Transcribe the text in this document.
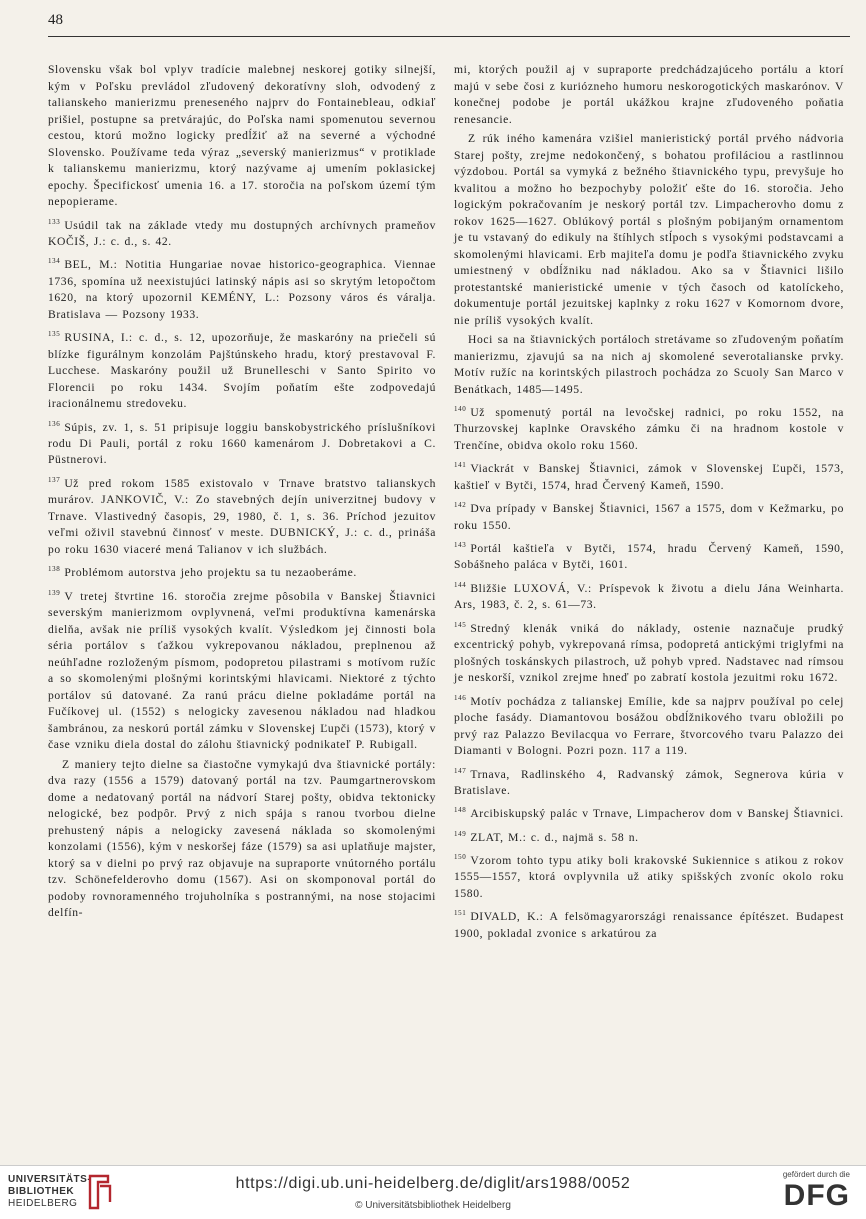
48

Slovensku však bol vplyv tradície malebnej neskorej gotiky silnejší, kým v Poľsku prevládol zľudovený dekoratívny sloh, odvodený z talianskeho manierizmu preneseného najprv do Fontainebleau, odkiaľ prišiel, postupne sa pretvárajúc, do Poľska nami spomenutou severnou cestou, ktorú možno logicky predĺžiť až na severné a východné Slovensko. Používame teda výraz „severský manierizmus“ v protiklade k talianskemu manierizmu, ktorý nazývame aj umením poklasickej epochy. Špecifickosť umenia 16. a 17. storočia na poľskom území tým nepopierame.

$^{133}$ Usúdil tak na základe vtedy mu dostupných archívnych prameňov KOČIŠ, J.: c. d., s. 42.

$^{134}$ BEL, M.: Notitia Hungariae novae historico-geographica. Viennae 1736, spomína už neexistujúci latinský nápis asi so skrytým letopočtom 1620, na ktorý upozornil KEMÉNY, L.: Pozsony város és váralja. Bratislava — Pozsony 1933.

$^{135}$ RUSINA, I.: c. d., s. 12, upozorňuje, že maskaróny na priečeli sú blízke figurálnym konzolám Pajštúnskeho hradu, ktorý prestavoval F. Lucchese. Maskaróny použil už Brunelleschi v Santo Spirito vo Florencii po roku 1434. Svojím poňatím ešte zodpovedajú iracionálnemu stredoveku.

$^{136}$ Súpis, zv. 1, s. 51 pripisuje loggiu banskobystrického príslušníkovi rodu Di Pauli, portál z roku 1660 kamenárom J. Dobretakovi a C. Püstnerovi.

$^{137}$ Už pred rokom 1585 existovalo v Trnave bratstvo talianskych murárov. JANKOVIČ, V.: Zo stavebných dejín univerzitnej budovy v Trnave. Vlastivedný časopis, 29, 1980, č. 1, s. 36. Príchod jezuitov veľmi oživil stavebnú činnosť v meste. DUBNICKÝ, J.: c. d., prináša po roku 1630 viaceré mená Talianov v ich službách.

$^{138}$ Problémom autorstva jeho projektu sa tu nezaoberáme.

$^{139}$ V tretej štvrtine 16. storočia zrejme pôsobila v Banskej Štiavnici severským manierizmom ovplyvnená, veľmi produktívna kamenárska dielňa, avšak nie príliš vysokých kvalít. Výsledkom jej činnosti bola séria portálov s ťažkou vykrepovanou nákladou, preplnenou až neúhľadne rozloženým písmom, podopretou pilastrami s motívom ružíc a so skomolenými plošnými korintskými hlavicami. Niektoré z týchto portálov sú datované. Za ranú prácu dielne pokladáme portál na Fučíkovej ul. (1552) s nelogicky zavesenou nákladou nad hladkou šambránou, za neskorú portál zámku v Slovenskej Ľupči (1573), ktorý v čase vzniku diela dostal do zálohu štiavnický podnikateľ P. Rubigall.

Z maniery tejto dielne sa čiastočne vymykajú dva štiavnické portály: dva razy (1556 a 1579) datovaný portál na tzv. Paumgartnerovskom dome a nedatovaný portál na nádvorí Starej pošty, obidva tektonicky nelogické, bez podpôr. Prvý z nich spája s ranou tvorbou dielne prehustený nápis a nelogicky zavesená náklada so skomolenými konzolami (1556), kým v neskoršej fáze (1579) sa asi uplatňuje majster, ktorý sa v dielni po prvý raz objavuje na supraporte vnútorného portálu tzv. Schönefelderovho domu (1567). Asi on skomponoval portál do podoby rovnoramenného trojuholníka s postrannými, na nose stojacimi delfín-

mi, ktorých použil aj v supraporte predchádzajúceho portálu a ktorí majú v sebe čosi z kuriózneho humoru neskorogotických maskarónov. V konečnej podobe je portál ukážkou krajne zľudoveného poňatia renesancie.

Z rúk iného kamenára vzišiel manieristický portál prvého nádvoria Starej pošty, zrejme nedokončený, s bohatou profiláciou a rastlinnou výzdobou. Portál sa vymyká z bežného štiavnického typu, prevyšuje ho kvalitou a možno ho bezpochyby položiť ešte do 16. storočia. Jeho logickým pokračovaním je neskorý portál tzv. Limpacherovho domu z rokov 1625—1627. Oblúkový portál s plošným pobijaným ornamentom je tu vstavaný do edikuly na štíhlych stĺpoch s vysokými podstavcami a skomolenými hlavicami. Erb majiteľa domu je podľa štiavnického zvyku umiestnený v obdĺžniku nad nákladou. Ako sa v Štiavnici lišilo protestantské manieristické umenie v tých časoch od katolíckeho, dokumentuje portál jezuitskej kaplnky z roku 1627 v Komornom dvore, nie príliš vysokých kvalít.

Hoci sa na štiavnických portáloch stretávame so zľudoveným poňatím manierizmu, zjavujú sa na nich aj skomolené severotalianske prvky. Motív ružíc na korintských pilastroch pochádza zo Scuoly San Marco v Benátkach, 1485—1495.

$^{140}$ Už spomenutý portál na levočskej radnici, po roku 1552, na Thurzovskej kaplnke Oravského zámku či na hradnom kostole v Trenčíne, obidva okolo roku 1560.

$^{141}$ Viackrát v Banskej Štiavnici, zámok v Slovenskej Ľupči, 1573, kaštieľ v Bytči, 1574, hrad Červený Kameň, 1590.

$^{142}$ Dva prípady v Banskej Štiavnici, 1567 a 1575, dom v Kežmarku, po roku 1550.

$^{143}$ Portál kaštieľa v Bytči, 1574, hradu Červený Kameň, 1590, Sobášneho paláca v Bytči, 1601.

$^{144}$ Bližšie LUXOVÁ, V.: Príspevok k životu a dielu Jána Weinharta. Ars, 1983, č. 2, s. 61—73.

$^{145}$ Stredný klenák vniká do náklady, ostenie naznačuje prudký excentrický pohyb, vykrepovaná rímsa, podopretá antickými triglyfmi na plošných toskánskych pilastroch, už pohyb vpred. Nadstavec nad rímsou je neskorší, vznikol zrejme hneď po zabratí kostola jezuitmi roku 1672.

$^{146}$ Motív pochádza z talianskej Emílie, kde sa najprv používal po celej ploche fasády. Diamantovou bosážou obdĺžnikového tvaru obložili po prvý raz Palazzo Bevilacqua vo Ferrare, štvorcového tvaru Palazzo dei Diamanti v Bologni. Pozri pozn. 117 a 119.

$^{147}$ Trnava, Radlinského 4, Radvanský zámok, Segnerova kúria v Bratislave.

$^{148}$ Arcibiskupský palác v Trnave, Limpacherov dom v Banskej Štiavnici.

$^{149}$ ZLAT, M.: c. d., najmä s. 58 n.

$^{150}$ Vzorom tohto typu atiky boli krakovské Sukiennice s atikou z rokov 1555—1557, ktorá ovplyvnila už atiky spišských zvoníc okolo roku 1580.

$^{151}$ DIVALD, K.: A felsömagyarországi renaissance építészet. Budapest 1900, pokladal zvonice s arkatúrou za

UNIVERSITÄTS-
BIBLIOTHEK
HEIDELBERG
https://digi.ub.uni-heidelberg.de/diglit/ars1988/0052
© Universitätsbibliothek Heidelberg
gefördert durch die
DFG
